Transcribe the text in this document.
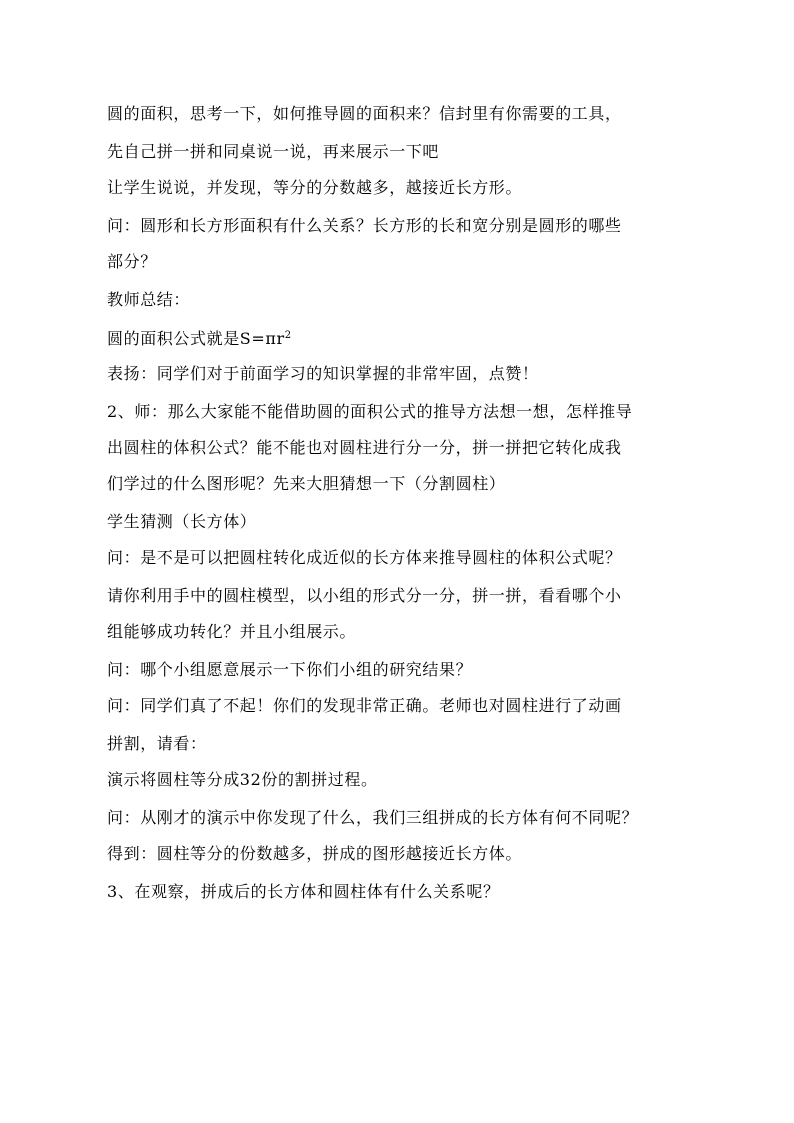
圆的面积，思考一下，如何推导圆的面积来？信封里有你需要的工具，
先自己拼一拼和同桌说一说，再来展示一下吧
让学生说说，并发现，等分的分数越多，越接近长方形。
问：圆形和长方形面积有什么关系？长方形的长和宽分别是圆形的哪些
部分？
教师总结：
圆的面积公式就是$S=\pi r^2$
表扬：同学们对于前面学习的知识掌握的非常牢固，点赞！
2、师：那么大家能不能借助圆的面积公式的推导方法想一想，怎样推导
出圆柱的体积公式？能不能也对圆柱进行分一分，拼一拼把它转化成我
们学过的什么图形呢？先来大胆猜想一下（分割圆柱）
学生猜测（长方体）
问：是不是可以把圆柱转化成近似的长方体来推导圆柱的体积公式呢？
请你利用手中的圆柱模型，以小组的形式分一分，拼一拼，看看哪个小
组能够成功转化？并且小组展示。
问：哪个小组愿意展示一下你们小组的研究结果？
问：同学们真了不起！你们的发现非常正确。老师也对圆柱进行了动画
拼割，请看：
演示将圆柱等分成32份的割拼过程。
问：从刚才的演示中你发现了什么，我们三组拼成的长方体有何不同呢？
得到：圆柱等分的份数越多，拼成的图形越接近长方体。
3、在观察，拼成后的长方体和圆柱体有什么关系呢？
